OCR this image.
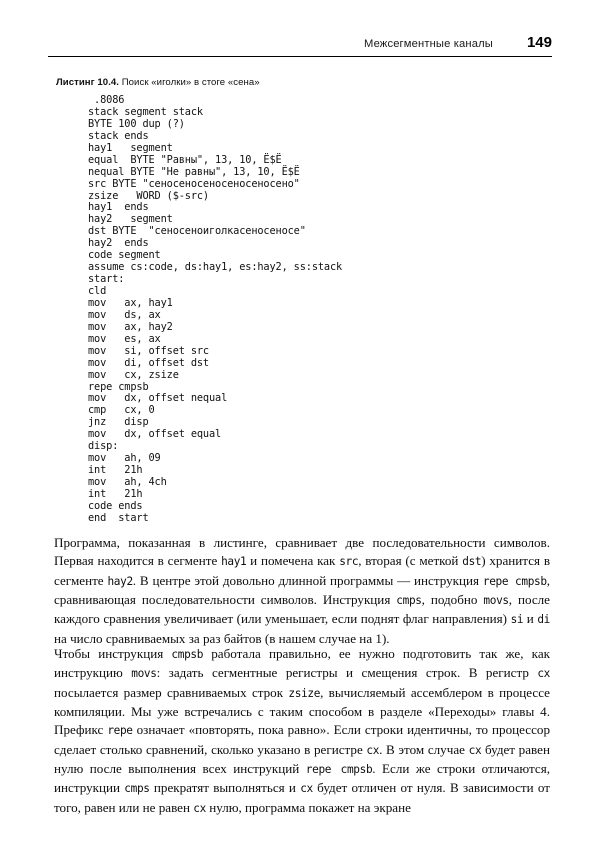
Межсегментные каналы 149
Листинг 10.4. Поиск «иголки» в стоге «сена»
.8086
stack segment stack
BYTE 100 dup (?)
stack ends
hay1   segment
equal  BYTE "Равны", 13, 10, Ë$Ë
nequal BYTE "Не равны", 13, 10, Ë$Ë
src BYTE "сеносеносеносеносеносено"
zsize   WORD ($-src)
hay1  ends
hay2   segment
dst BYTE  "сеносеноиголкасеносеносе"
hay2  ends
code segment
assume cs:code, ds:hay1, es:hay2, ss:stack
start:
cld
mov   ax, hay1
mov   ds, ax
mov   ax, hay2
mov   es, ax
mov   si, offset src
mov   di, offset dst
mov   cx, zsize
repe cmpsb
mov   dx, offset nequal
cmp   cx, 0
jnz   disp
mov   dx, offset equal
disp:
mov   ah, 09
int   21h
mov   ah, 4ch
int   21h
code ends
end  start

Программа, показанная в листинге, сравнивает две последовательности символов. Первая находится в сегменте hay1 и помечена как src, вторая (с меткой dst) хранится в сегменте hay2. В центре этой довольно длинной программы — инструкция repe cmpsb, сравнивающая последовательности символов. Инструкция cmps, подобно movs, после каждого сравнения увеличивает (или уменьшает, если поднят флаг направления) si и di на число сравниваемых за раз байтов (в нашем случае на 1).

Чтобы инструкция cmpsb работала правильно, ее нужно подготовить так же, как инструкцию movs: задать сегментные регистры и смещения строк. В регистр cx посылается размер сравниваемых строк zsize, вычисляемый ассемблером в процессе компиляции. Мы уже встречались с таким способом в разделе «Переходы» главы 4. Префикс repe означает «повторять, пока равно». Если строки идентичны, то процессор сделает столько сравнений, сколько указано в регистре cx. В этом случае cx будет равен нулю после выполнения всех инструкций repe cmpsb. Если же строки отличаются, инструкции cmps прекратят выполняться и cx будет отличен от нуля. В зависимости от того, равен или не равен cx нулю, программа покажет на экране
